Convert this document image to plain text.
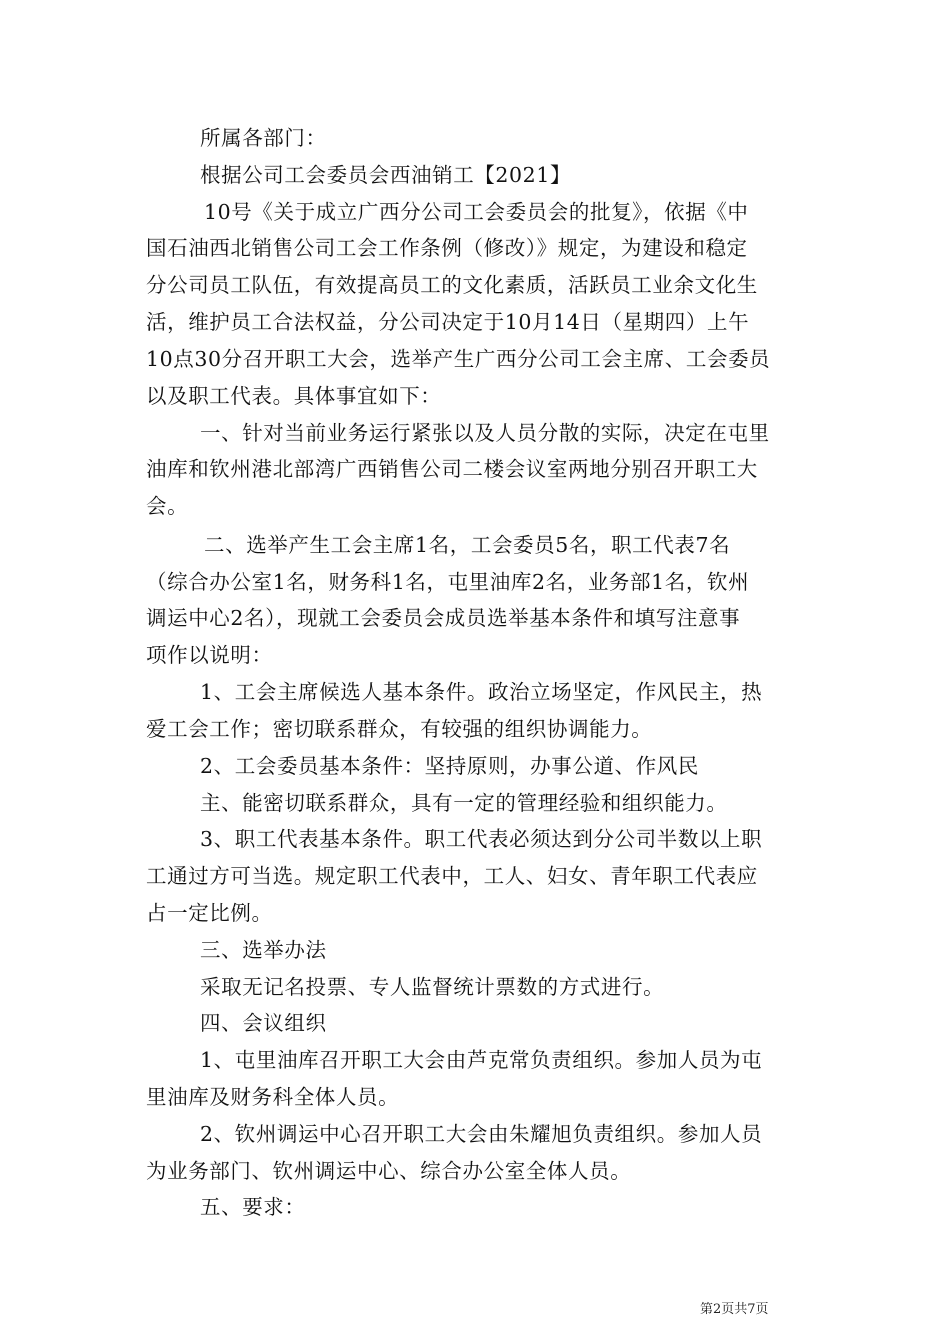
所属各部门：
根据公司工会委员会西油销工【2021】
10号《关于成立广西分公司工会委员会的批复》，依据《中
国石油西北销售公司工会工作条例（修改）》规定，为建设和稳定
分公司员工队伍，有效提高员工的文化素质，活跃员工业余文化生
活，维护员工合法权益，分公司决定于10月14日（星期四）上午
10点30分召开职工大会，选举产生广西分公司工会主席、工会委员
以及职工代表。具体事宜如下：
一、针对当前业务运行紧张以及人员分散的实际，决定在屯里
油库和钦州港北部湾广西销售公司二楼会议室两地分别召开职工大
会。
二、选举产生工会主席1名，工会委员5名，职工代表7名
（综合办公室1名，财务科1名，屯里油库2名，业务部1名，钦州
调运中心2名），现就工会委员会成员选举基本条件和填写注意事
项作以说明：
1、工会主席候选人基本条件。政治立场坚定，作风民主，热
爱工会工作；密切联系群众，有较强的组织协调能力。
2、工会委员基本条件：坚持原则，办事公道、作风民
主、能密切联系群众，具有一定的管理经验和组织能力。
3、职工代表基本条件。职工代表必须达到分公司半数以上职
工通过方可当选。规定职工代表中，工人、妇女、青年职工代表应
占一定比例。
三、选举办法
采取无记名投票、专人监督统计票数的方式进行。
四、会议组织
1、屯里油库召开职工大会由芦克常负责组织。参加人员为屯
里油库及财务科全体人员。
2、钦州调运中心召开职工大会由朱耀旭负责组织。参加人员
为业务部门、钦州调运中心、综合办公室全体人员。
五、要求：
第2页共7页
